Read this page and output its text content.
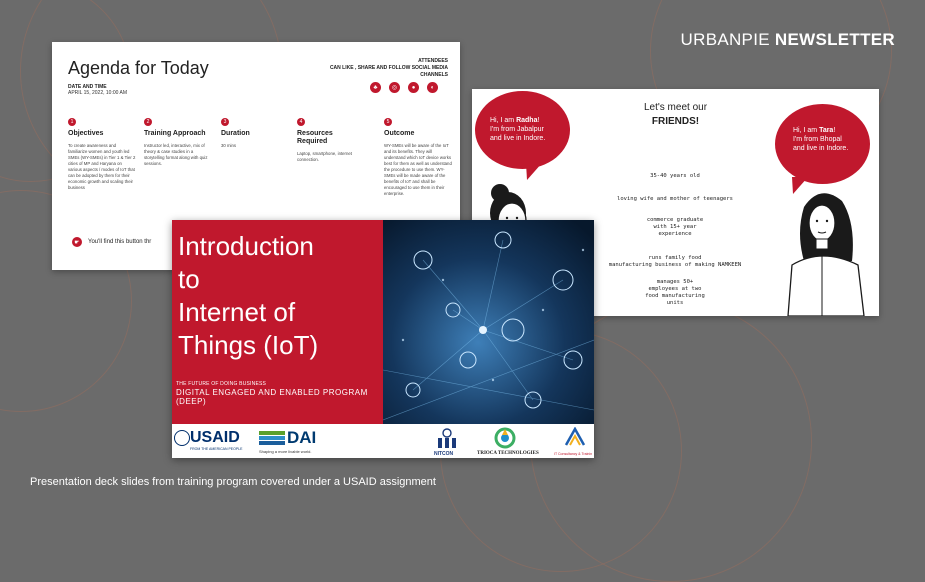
URBANPIE NEWSLETTER
Agenda for Today
DATE AND TIME
APRIL 15, 2022, 10:00 AM
ATTENDEES
CAN LIKE , SHARE AND FOLLOW SOCIAL MEDIA CHANNELS
♣	◎	●	◐
1
Objectives
To create awareness and familiarize women and youth led SMEs (WY-SMEs) in Tier 1 & Tier 2 cities of MP and Haryana on various aspects / modes of IoT that can be adopted by them for their economic growth and scaling their business
2
Training Approach
Instructor led, interactive, mix of theory & case studies in a storytelling format along with quiz sessions.
3
Duration
30 mins
4
Resources Required
Laptop, smartphone, internet connection.
5
Outcome
WY-SMEs will be aware of the IoT and its benefits. They will understand which IoT device works best for them as well as understand the procedure to use them. WY-SMEs will be made aware of the benefits of IoT and shall be encouraged to use them in their enterprise.
☛	You'll find this button thr
Let's meet our
FRIENDS!
Hi, I am Radha!
I'm from Jabalpur
and live in Indore.
Hi, I am Tara!
I'm from Bhopal
and live in Indore.
35-40 years old
loving wife and mother of teenagers
commerce graduate
with 15+ year
experience
runs family food
manufacturing business of making NAMKEEN
manages 50+
employees at two
food manufacturing
units
Introduction
to
Internet of
Things (IoT)
THE FUTURE OF DOING BUSINESS
DIGITAL ENGAGED AND ENABLED PROGRAM (DEEP)
USAID
FROM THE AMERICAN PEOPLE
DAI
Shaping a more livable world.	NITCON	TRIOCA TECHNOLOGIES	IT Consultancy & Trainin
Presentation deck slides from training program covered under a USAID assignment
